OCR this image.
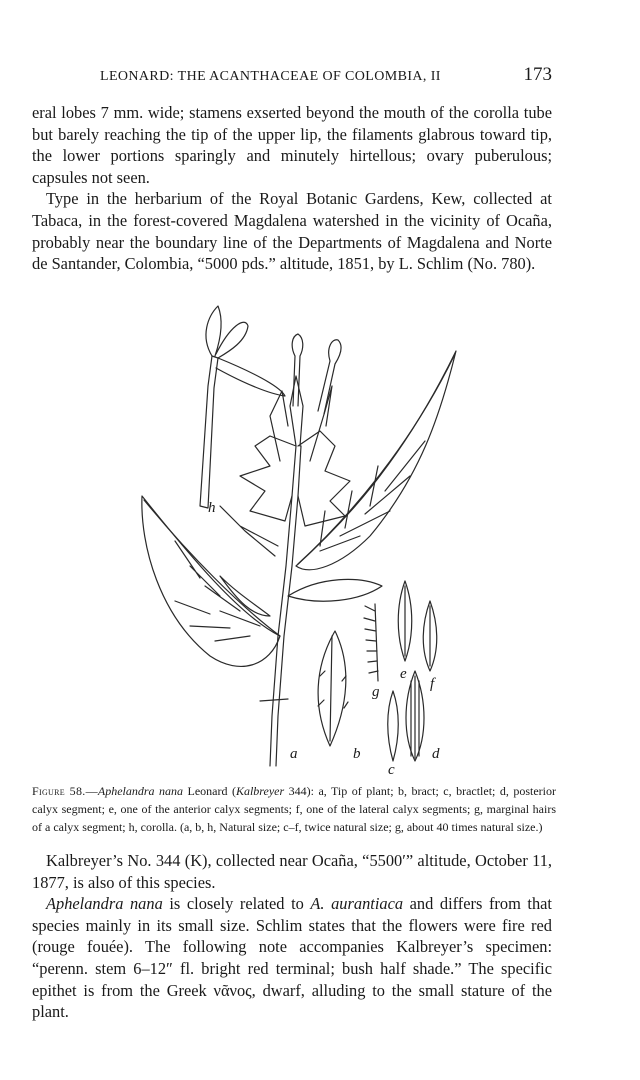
LEONARD: THE ACANTHACEAE OF COLOMBIA, II	173

eral lobes 7 mm. wide; stamens exserted beyond the mouth of the corolla tube but barely reaching the tip of the upper lip, the filaments glabrous toward tip, the lower portions sparingly and minutely hirtellous; ovary puberulous; capsules not seen.

Type in the herbarium of the Royal Botanic Gardens, Kew, collected at Tabaca, in the forest-covered Magdalena watershed in the vicinity of Ocaña, probably near the boundary line of the Departments of Magdalena and Norte de Santander, Colombia, “5000 pds.” altitude, 1851, by L. Schlim (No. 780).

h
a	b
c
d
e
f
g
Figure 58.—Aphelandra nana Leonard (Kalbreyer 344): a, Tip of plant; b, bract; c, bractlet; d, posterior calyx segment; e, one of the anterior calyx segments; f, one of the lateral calyx segments; g, marginal hairs of a calyx segment; h, corolla. (a, b, h, Natural size; c–f, twice natural size; g, about 40 times natural size.)

Kalbreyer’s No. 344 (K), collected near Ocaña, “5500′” altitude, October 11, 1877, is also of this species.

Aphelandra nana is closely related to A. aurantiaca and differs from that species mainly in its small size. Schlim states that the flowers were fire red (rouge fouée). The following note accompanies Kalbreyer’s specimen: “perenn. stem 6–12″ fl. bright red terminal; bush half shade.” The specific epithet is from the Greek νᾶνος, dwarf, alluding to the small stature of the plant.
